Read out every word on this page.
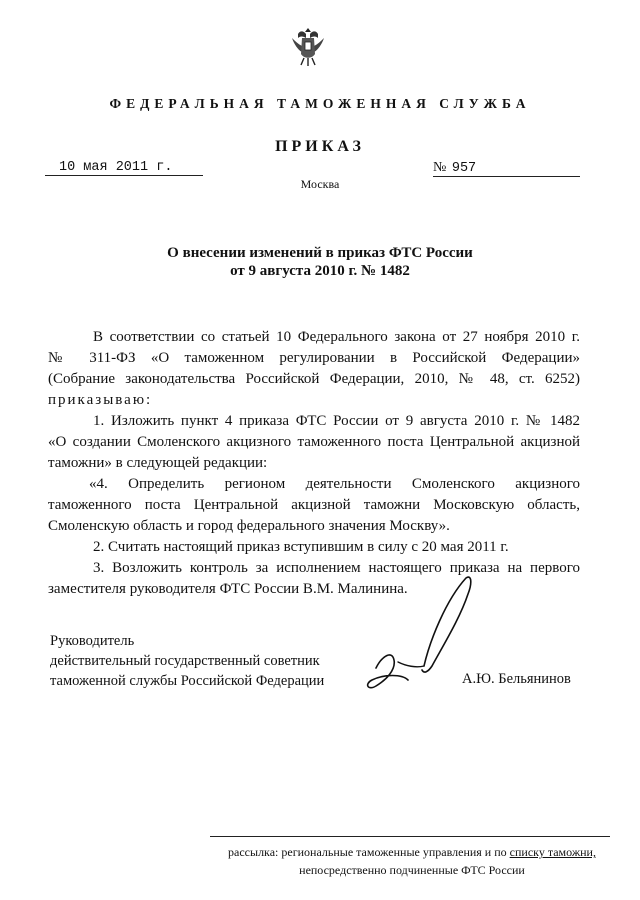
ФЕДЕРАЛЬНАЯ ТАМОЖЕННАЯ СЛУЖБА
ПРИКАЗ
10 мая 2011 г.	№ 957
Москва
О внесении изменений в приказ ФТС России
от 9 августа 2010 г. № 1482
В соответствии со статьей 10 Федерального закона от 27 ноября 2010 г.
№ 311-ФЗ «О таможенном регулировании в Российской Федерации»
(Собрание законодательства Российской Федерации, 2010, № 48, ст. 6252)
приказываю:
1. Изложить пункт 4 приказа ФТС России от 9 августа 2010 г. № 1482
«О создании Смоленского акцизного таможенного поста Центральной акцизной
таможни» в следующей редакции:
«4. Определить регионом деятельности Смоленского акцизного
таможенного поста Центральной акцизной таможни Московскую область,
Смоленскую область и город федерального значения Москву».
2. Считать настоящий приказ вступившим в силу с 20 мая 2011 г.
3. Возложить контроль за исполнением настоящего приказа на первого
заместителя руководителя ФТС России В.М. Малинина.
Руководитель
действительный государственный советник
таможенной службы Российской Федерации	А.Ю. Бельянинов
рассылка: региональные таможенные управления и по списку таможни,
непосредственно подчиненные ФТС России
